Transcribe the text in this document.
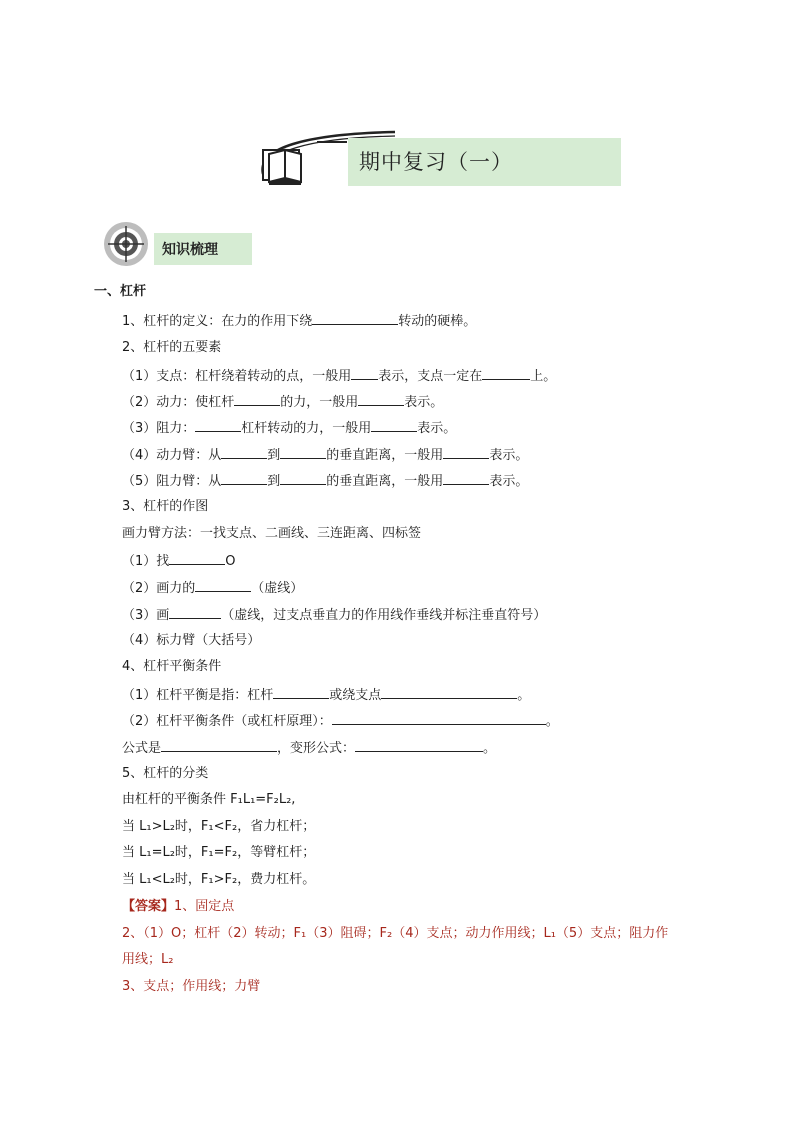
期中复习（一）
知识梳理
一、杠杆
1、杠杆的定义：在力的作用下绕	转动的硬棒。
2、杠杆的五要素
（1）支点：杠杆绕着转动的点，一般用 表示，支点一定在	上。
（2）动力：使杠杆	的力，一般用	表示。
（3）阻力：	杠杆转动的力，一般用	表示。
（4）动力臂：从	到	的垂直距离，一般用	表示。
（5）阻力臂：从	到	的垂直距离，一般用	表示。
3、杠杆的作图
画力臂方法：一找支点、二画线、三连距离、四标签
（1）找	O
（2）画力的	（虚线）
（3）画	（虚线，过支点垂直力的作用线作垂线并标注垂直符号）
（4）标力臂（大括号）
4、杠杆平衡条件
（1）杠杆平衡是指：杠杆	或绕支点	。
（2）杠杆平衡条件（或杠杆原理）：	。
公式是	，变形公式：	。
5、杠杆的分类
由杠杆的平衡条件 F₁L₁=F₂L₂,
当 L₁>L₂时，F₁<F₂，省力杠杆；
当 L₁=L₂时，F₁=F₂，等臂杠杆；
当 L₁<L₂时，F₁>F₂，费力杠杆。
【答案】1、固定点
2、（1）O；杠杆（2）转动；F₁（3）阻碍；F₂（4）支点；动力作用线；L₁（5）支点；阻力作
用线；L₂
3、支点；作用线；力臂
